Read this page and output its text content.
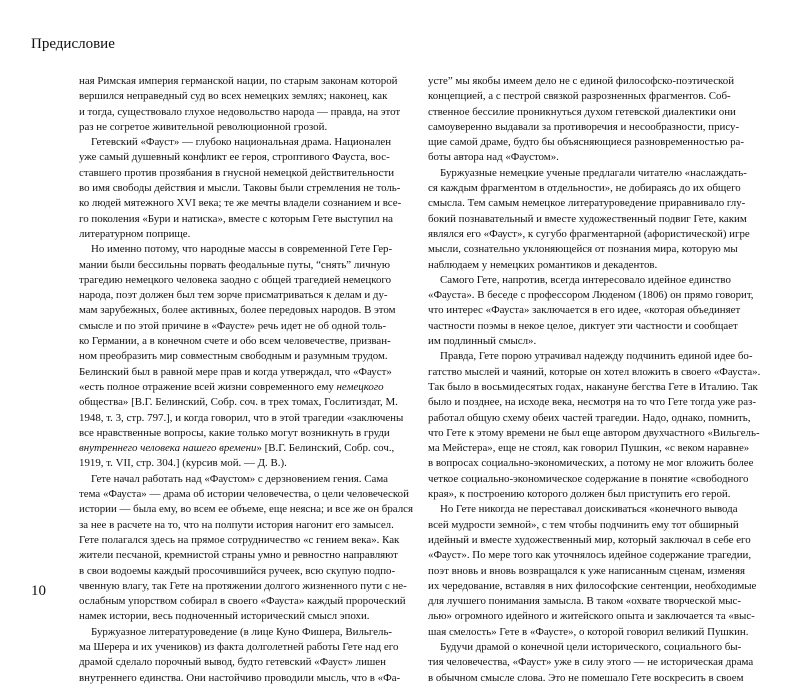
Предисловие
ная Римская империя германской нации, по старым законам которой
вершился неправедный суд во всех немецких землях; наконец, как
и тогда, существовало глухое недовольство народа — правда, на этот
раз не согретое живительной революционной грозой.
Гетевский «Фауст» — глубоко национальная драма. Национален
уже самый душевный конфликт ее героя, строптивого Фауста, вос-
ставшего против прозябания в гнусной немецкой действительности
во имя свободы действия и мысли. Таковы были стремления не толь-
ко людей мятежного XVI века; те же мечты владели сознанием и все-
го поколения «Бури и натиска», вместе с которым Гете выступил на
литературном поприще.
Но именно потому, что народные массы в современной Гете Гер-
мании были бессильны порвать феодальные путы, “снять” личную
трагедию немецкого человека заодно с общей трагедией немецкого
народа, поэт должен был тем зорче присматриваться к делам и ду-
мам зарубежных, более активных, более передовых народов. В этом
смысле и по этой причине в «Фаусте» речь идет не об одной толь-
ко Германии, а в конечном счете и обо всем человечестве, призван-
ном преобразить мир совместным свободным и разумным трудом.
Белинский был в равной мере прав и когда утверждал, что «Фауст»
«есть полное отражение всей жизни современного ему немецкого
общества» [В.Г. Белинский, Собр. соч. в трех томах, Гослитиздат, М.
1948, т. 3, стр. 797.], и когда говорил, что в этой трагедии «заключены
все нравственные вопросы, какие только могут возникнуть в груди
внутреннего человека нашего времени» [В.Г. Белинский, Собр. соч.,
1919, т. VII, стр. 304.] (курсив мой. — Д. В.).
Гете начал работать над «Фаустом» с дерзновением гения. Сама
тема «Фауста» — драма об истории человечества, о цели человеческой
истории — была ему, во всем ее объеме, еще неясна; и все же он брался
за нее в расчете на то, что на полпути история нагонит его замысел.
Гете полагался здесь на прямое сотрудничество «с гением века». Как
жители песчаной, кремнистой страны умно и ревностно направляют
в свои водоемы каждый просочившийся ручеек, всю скупую подпо-
чвенную влагу, так Гете на протяжении долгого жизненного пути с не-
ослабным упорством собирал в своего «Фауста» каждый пророческий
намек истории, весь подноченный исторический смысл эпохи.
Буржуазное литературоведение (в лице Куно Фишера, Вильгель-
ма Шерера и их учеников) из факта долголетней работы Гете над его
драмой сделало порочный вывод, будто гетевский «Фауст» лишен
внутреннего единства. Они настойчиво проводили мысль, что в «Фа-
усте” мы якобы имеем дело не с единой философско-поэтической
концепцией, а с пестрой связкой разрозненных фрагментов. Соб-
ственное бессилие проникнуться духом гетевской диалектики они
самоуверенно выдавали за противоречия и несообразности, прису-
щие самой драме, будто бы объясняющиеся разновременностью ра-
боты автора над «Фаустом».
Буржуазные немецкие ученые предлагали читателю «наслаждать-
ся каждым фрагментом в отдельности», не добираясь до их общего
смысла. Тем самым немецкое литературоведение приравнивало глу-
бокий познавательный и вместе художественный подвиг Гете, каким
являлся его «Фауст», к сугубо фрагментарной (афористической) игре
мысли, сознательно уклоняющейся от познания мира, которую мы
наблюдаем у немецких романтиков и декадентов.
Самого Гете, напротив, всегда интересовало идейное единство
«Фауста». В беседе с профессором Люденом (1806) он прямо говорит,
что интерес «Фауста» заключается в его идее, «которая объединяет
частности поэмы в некое целое, диктует эти частности и сообщает
им подлинный смысл».
Правда, Гете порою утрачивал надежду подчинить единой идее бо-
гатство мыслей и чаяний, которые он хотел вложить в своего «Фауста».
Так было в восьмидесятых годах, накануне бегства Гете в Италию. Так
было и позднее, на исходе века, несмотря на то что Гете тогда уже раз-
работал общую схему обеих частей трагедии. Надо, однако, помнить,
что Гете к этому времени не был еще автором двухчастного «Вильгель-
ма Мейстера», еще не стоял, как говорил Пушкин, «с веком наравне»
в вопросах социально-экономических, а потому не мог вложить более
четкое социально-экономическое содержание в понятие «свободного
края», к построению которого должен был приступить его герой.
Но Гете никогда не переставал доискиваться «конечного вывода
всей мудрости земной», с тем чтобы подчинить ему тот обширный
идейный и вместе художественный мир, который заключал в себе его
«Фауст». По мере того как уточнялось идейное содержание трагедии,
поэт вновь и вновь возвращался к уже написанным сценам, изменяя
их чередование, вставляя в них философские сентенции, необходимые
для лучшего понимания замысла. В таком «охвате творческой мыс-
лью» огромного идейного и житейского опыта и заключается та «выс-
шая смелость» Гете в «Фаусте», о которой говорил великий Пушкин.
Будучи драмой о конечной цели исторического, социального бы-
тия человечества, «Фауст» уже в силу этого — не историческая драма
в обычном смысле слова. Это не помешало Гете воскресить в своем
10
